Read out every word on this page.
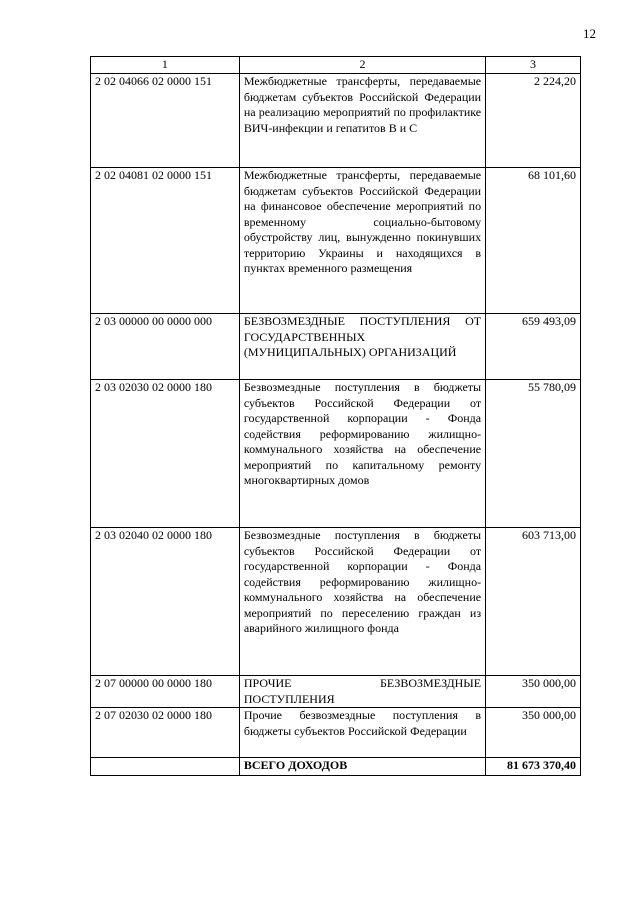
12
1	2	3
2 02 04066 02 0000 151	Межбюджетные трансферты, передаваемые бюджетам субъектов Российской Федерации на реализацию мероприятий по профилактике ВИЧ-инфекции и гепатитов В и С	2 224,20
2 02 04081 02 0000 151	Межбюджетные трансферты, передаваемые бюджетам субъектов Российской Федерации на финансовое обеспечение мероприятий по временному социально-бытовому обустройству лиц, вынужденно покинувших территорию Украины и находящихся в пунктах временного размещения	68 101,60
2 03 00000 00 0000 000	БЕЗВОЗМЕЗДНЫЕ ПОСТУПЛЕНИЯ ОТ ГОСУДАРСТВЕННЫХ (МУНИЦИПАЛЬНЫХ) ОРГАНИЗАЦИЙ	659 493,09
2 03 02030 02 0000 180	Безвозмездные поступления в бюджеты субъектов Российской Федерации от государственной корпорации - Фонда содействия реформированию жилищно-коммунального хозяйства на обеспечение мероприятий по капитальному ремонту многоквартирных домов	55 780,09
2 03 02040 02 0000 180	Безвозмездные поступления в бюджеты субъектов Российской Федерации от государственной корпорации - Фонда содействия реформированию жилищно-коммунального хозяйства на обеспечение мероприятий по переселению граждан из аварийного жилищного фонда	603 713,00
2 07 00000 00 0000 180	ПРОЧИЕ БЕЗВОЗМЕЗДНЫЕ ПОСТУПЛЕНИЯ	350 000,00
2 07 02030 02 0000 180	Прочие безвозмездные поступления в бюджеты субъектов Российской Федерации	350 000,00
	ВСЕГО ДОХОДОВ	81 673 370,40
